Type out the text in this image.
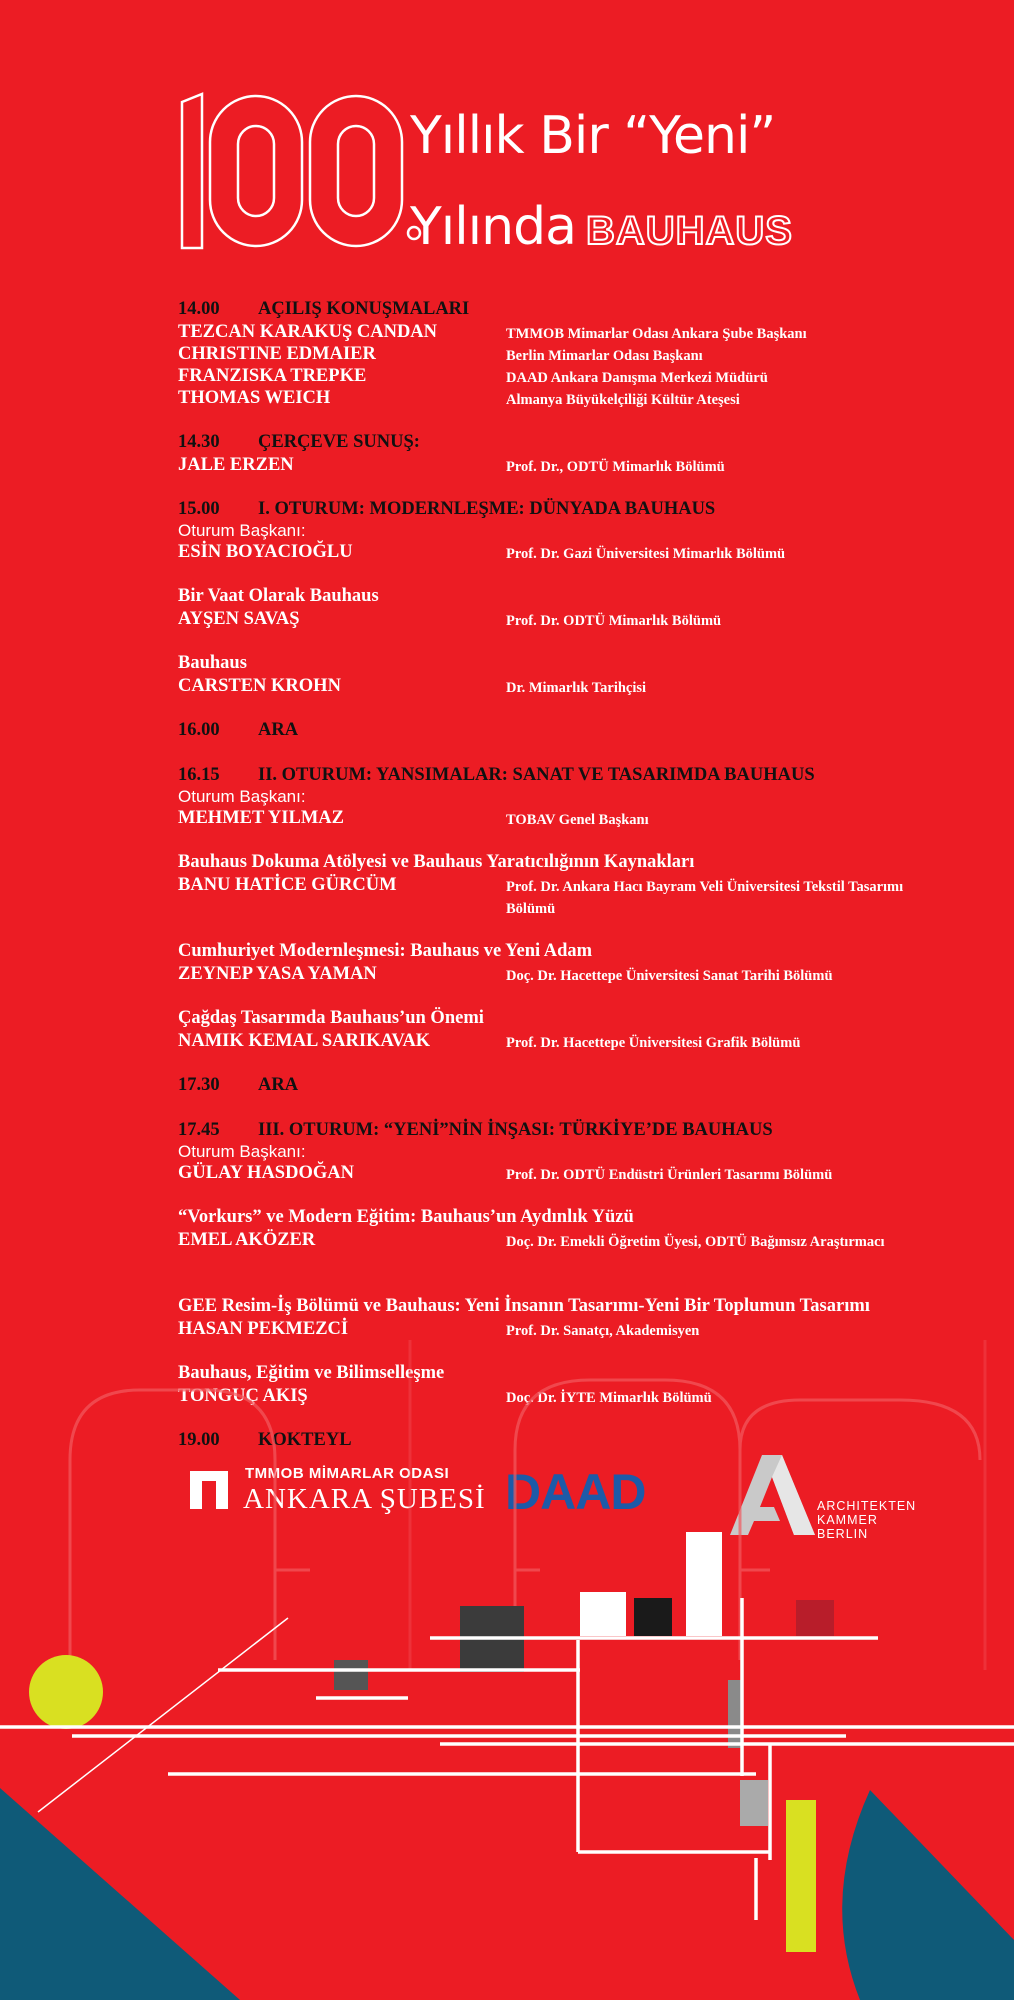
Yıllık Bir “Yeni”
Yılında BAUHAUS
14.00 AÇILIŞ KONUŞMALARI
TEZCAN KARAKUŞ CANDAN	TMMOB Mimarlar Odası Ankara Şube Başkanı
CHRISTINE EDMAIER	Berlin Mimarlar Odası Başkanı
FRANZISKA TREPKE	DAAD Ankara Danışma Merkezi Müdürü
THOMAS WEICH	Almanya Büyükelçiliği Kültür Ateşesi
14.30 ÇERÇEVE SUNUŞ:
JALE ERZEN	Prof. Dr., ODTÜ Mimarlık Bölümü
15.00 I. OTURUM: MODERNLEŞME: DÜNYADA BAUHAUS
Oturum Başkanı:
ESİN BOYACIOĞLU	Prof. Dr. Gazi Üniversitesi Mimarlık Bölümü
Bir Vaat Olarak Bauhaus
AYŞEN SAVAŞ	Prof. Dr. ODTÜ Mimarlık Bölümü
Bauhaus
CARSTEN KROHN	Dr. Mimarlık Tarihçisi
16.00 ARA
16.15 II. OTURUM: YANSIMALAR: SANAT VE TASARIMDA BAUHAUS
Oturum Başkanı:
MEHMET YILMAZ	TOBAV Genel Başkanı
Bauhaus Dokuma Atölyesi ve Bauhaus Yaratıcılığının Kaynakları
BANU HATİCE GÜRCÜM	Prof. Dr. Ankara Hacı Bayram Veli Üniversitesi Tekstil Tasarımı Bölümü
Cumhuriyet Modernleşmesi: Bauhaus ve Yeni Adam
ZEYNEP YASA YAMAN	Doç. Dr. Hacettepe Üniversitesi Sanat Tarihi Bölümü
Çağdaş Tasarımda Bauhaus’un Önemi
NAMIK KEMAL SARIKAVAK	Prof. Dr. Hacettepe Üniversitesi Grafik Bölümü
17.30 ARA
17.45 III. OTURUM: “YENİ”NİN İNŞASI: TÜRKİYE’DE BAUHAUS
Oturum Başkanı:
GÜLAY HASDOĞAN	Prof. Dr. ODTÜ Endüstri Ürünleri Tasarımı Bölümü
“Vorkurs” ve Modern Eğitim: Bauhaus’un Aydınlık Yüzü
EMEL AKÖZER	Doç. Dr. Emekli Öğretim Üyesi, ODTÜ Bağımsız Araştırmacı
GEE Resim-İş Bölümü ve Bauhaus: Yeni İnsanın Tasarımı-Yeni Bir Toplumun Tasarımı
HASAN PEKMEZCİ	Prof. Dr. Sanatçı, Akademisyen
Bauhaus, Eğitim ve Bilimselleşme
TONGUÇ AKIŞ	Doç. Dr. İYTE Mimarlık Bölümü
19.00 KOKTEYL
TMMOB MİMARLAR ODASI
ANKARA ŞUBESİ DAAD	ARCHITEKTEN
KAMMER
BERLIN
